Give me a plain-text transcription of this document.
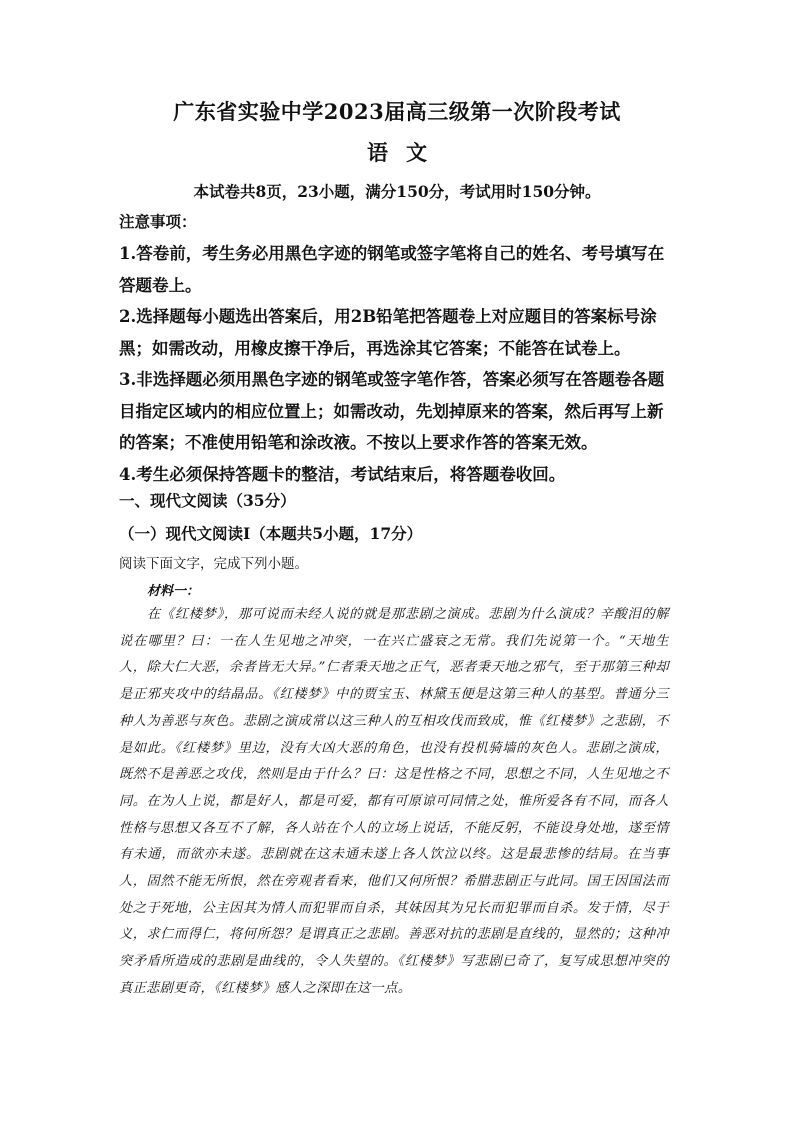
广东省实验中学2023届高三级第一次阶段考试
语文
本试卷共8页，23小题，满分150分，考试用时150分钟。
注意事项：

1.答卷前，考生务必用黑色字迹的钢笔或签字笔将自己的姓名、考号填写在答题卷上。

2.选择题每小题选出答案后，用2B铅笔把答题卷上对应题目的答案标号涂黑；如需改动，用橡皮擦干净后，再选涂其它答案；不能答在试卷上。

3.非选择题必须用黑色字迹的钢笔或签字笔作答，答案必须写在答题卷各题目指定区域内的相应位置上；如需改动，先划掉原来的答案，然后再写上新的答案；不准使用铅笔和涂改液。不按以上要求作答的答案无效。

4.考生必须保持答题卡的整洁，考试结束后，将答题卷收回。

一、现代文阅读（35分）
（一）现代文阅读Ⅰ（本题共5小题，17分）
阅读下面文字，完成下列小题。
材料一：

在《红楼梦》，那可说而未经人说的就是那悲剧之演成。悲剧为什么演成？辛酸泪的解说在哪里？曰：一在人生见地之冲突，一在兴亡盛衰之无常。我们先说第一个。“天地生人，除大仁大恶，余者皆无大异。”仁者秉天地之正气，恶者秉天地之邪气，至于那第三种却是正邪夹攻中的结晶品。《红楼梦》中的贾宝玉、林黛玉便是这第三种人的基型。普通分三种人为善恶与灰色。悲剧之演成常以这三种人的互相攻伐而致成，惟《红楼梦》之悲剧，不是如此。《红楼梦》里边，没有大凶大恶的角色，也没有投机骑墙的灰色人。悲剧之演成，既然不是善恶之攻伐，然则是由于什么？曰：这是性格之不同，思想之不同，人生见地之不同。在为人上说，都是好人，都是可爱，都有可原谅可同情之处，惟所爱各有不同，而各人性格与思想又各互不了解，各人站在个人的立场上说话，不能反躬，不能设身处地，遂至情有未通，而欲亦未遂。悲剧就在这未通未遂上各人饮泣以终。这是最悲惨的结局。在当事人，固然不能无所恨，然在旁观者看来，他们又何所恨？希腊悲剧正与此同。国王因国法而处之于死地，公主因其为情人而犯罪而自杀，其妹因其为兄长而犯罪而自杀。发于情，尽于义，求仁而得仁，将何所怨？是谓真正之悲剧。善恶对抗的悲剧是直线的，显然的；这种冲突矛盾所造成的悲剧是曲线的，令人失望的。《红楼梦》写悲剧已奇了，复写成思想冲突的真正悲剧更奇，《红楼梦》感人之深即在这一点。
